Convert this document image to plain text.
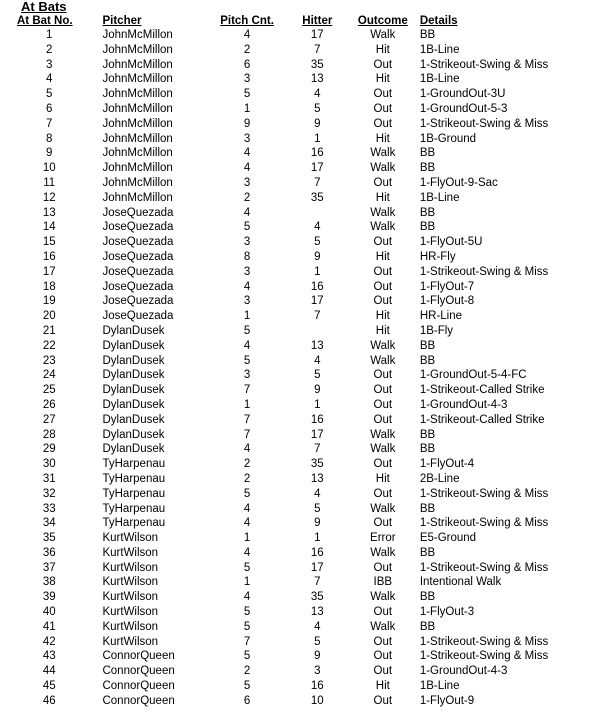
At Bats
At Bat No.	Pitcher	Pitch Cnt.	Hitter	Outcome	Details
1	JohnMcMillon	4	17	Walk	BB
2	JohnMcMillon	2	7	Hit	1B-Line
3	JohnMcMillon	6	35	Out	1-Strikeout-Swing & Miss
4	JohnMcMillon	3	13	Hit	1B-Line
5	JohnMcMillon	5	4	Out	1-GroundOut-3U
6	JohnMcMillon	1	5	Out	1-GroundOut-5-3
7	JohnMcMillon	9	9	Out	1-Strikeout-Swing & Miss
8	JohnMcMillon	3	1	Hit	1B-Ground
9	JohnMcMillon	4	16	Walk	BB
10	JohnMcMillon	4	17	Walk	BB
11	JohnMcMillon	3	7	Out	1-FlyOut-9-Sac
12	JohnMcMillon	2	35	Hit	1B-Line
13	JoseQuezada	4		Walk	BB
14	JoseQuezada	5	4	Walk	BB
15	JoseQuezada	3	5	Out	1-FlyOut-5U
16	JoseQuezada	8	9	Hit	HR-Fly
17	JoseQuezada	3	1	Out	1-Strikeout-Swing & Miss
18	JoseQuezada	4	16	Out	1-FlyOut-7
19	JoseQuezada	3	17	Out	1-FlyOut-8
20	JoseQuezada	1	7	Hit	HR-Line
21	DylanDusek	5		Hit	1B-Fly
22	DylanDusek	4	13	Walk	BB
23	DylanDusek	5	4	Walk	BB
24	DylanDusek	3	5	Out	1-GroundOut-5-4-FC
25	DylanDusek	7	9	Out	1-Strikeout-Called Strike
26	DylanDusek	1	1	Out	1-GroundOut-4-3
27	DylanDusek	7	16	Out	1-Strikeout-Called Strike
28	DylanDusek	7	17	Walk	BB
29	DylanDusek	4	7	Walk	BB
30	TyHarpenau	2	35	Out	1-FlyOut-4
31	TyHarpenau	2	13	Hit	2B-Line
32	TyHarpenau	5	4	Out	1-Strikeout-Swing & Miss
33	TyHarpenau	4	5	Walk	BB
34	TyHarpenau	4	9	Out	1-Strikeout-Swing & Miss
35	KurtWilson	1	1	Error	E5-Ground
36	KurtWilson	4	16	Walk	BB
37	KurtWilson	5	17	Out	1-Strikeout-Swing & Miss
38	KurtWilson	1	7	IBB	Intentional Walk
39	KurtWilson	4	35	Walk	BB
40	KurtWilson	5	13	Out	1-FlyOut-3
41	KurtWilson	5	4	Walk	BB
42	KurtWilson	7	5	Out	1-Strikeout-Swing & Miss
43	ConnorQueen	5	9	Out	1-Strikeout-Swing & Miss
44	ConnorQueen	2	3	Out	1-GroundOut-4-3
45	ConnorQueen	5	16	Hit	1B-Line
46	ConnorQueen	6	10	Out	1-FlyOut-9
